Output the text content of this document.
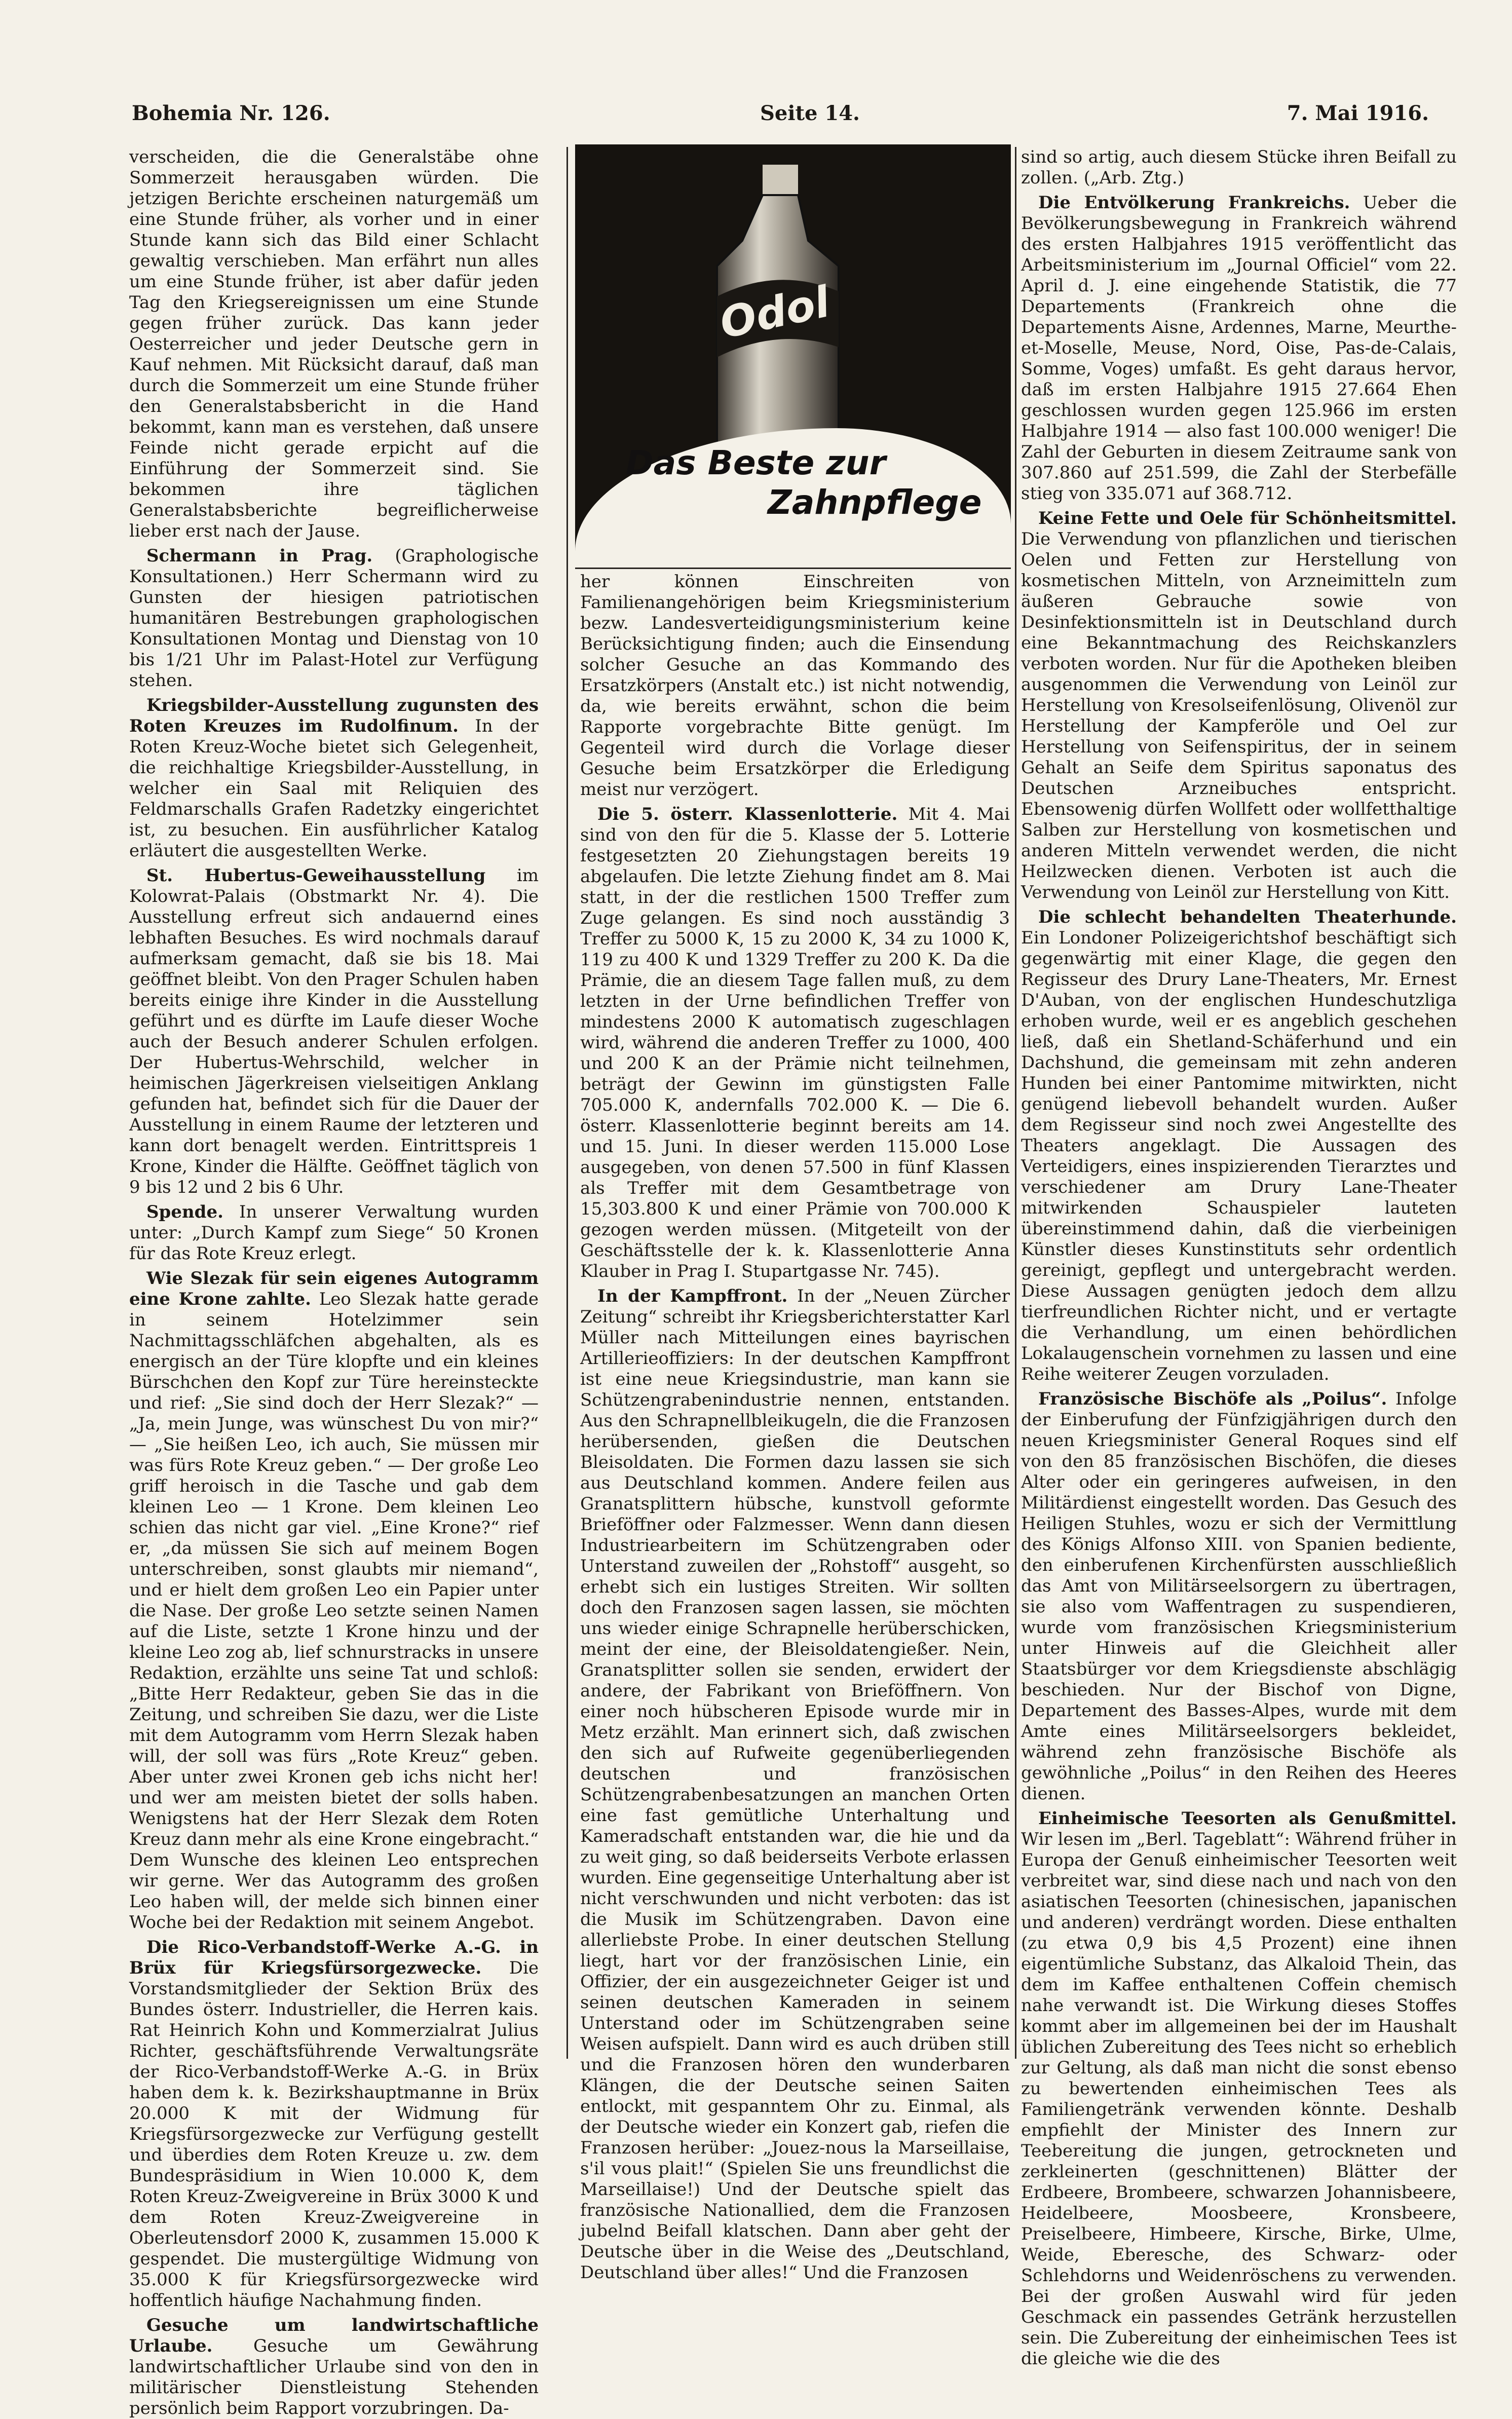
Bohemia Nr. 126.	Seite 14.	7. Mai 1916.

verscheiden, die die Generalstäbe ohne Sommerzeit herausgaben würden. Die jetzigen Berichte erscheinen naturgemäß um eine Stunde früher, als vorher und in einer Stunde kann sich das Bild einer Schlacht gewaltig verschieben. Man erfährt nun alles um eine Stunde früher, ist aber dafür jeden Tag den Kriegsereignissen um eine Stunde gegen früher zurück. Das kann jeder Oesterreicher und jeder Deutsche gern in Kauf nehmen. Mit Rücksicht darauf, daß man durch die Sommerzeit um eine Stunde früher den Generalstabsbericht in die Hand bekommt, kann man es verstehen, daß unsere Feinde nicht gerade erpicht auf die Einführung der Sommerzeit sind. Sie bekommen ihre täglichen Generalstabsberichte begreiflicherweise lieber erst nach der Jause.

Schermann in Prag. (Graphologische Konsultationen.) Herr Schermann wird zu Gunsten der hiesigen patriotischen humanitären Bestrebungen graphologischen Konsultationen Montag und Dienstag von 10 bis 1/21 Uhr im Palast-Hotel zur Verfügung stehen.

Kriegsbilder-Ausstellung zugunsten des Roten Kreuzes im Rudolfinum. In der Roten Kreuz-Woche bietet sich Gelegenheit, die reichhaltige Kriegsbilder-Ausstellung, in welcher ein Saal mit Reliquien des Feldmarschalls Grafen Radetzky eingerichtet ist, zu besuchen. Ein ausführlicher Katalog erläutert die ausgestellten Werke.

St. Hubertus-Geweihausstellung im Kolowrat-Palais (Obstmarkt Nr. 4). Die Ausstellung erfreut sich andauernd eines lebhaften Besuches. Es wird nochmals darauf aufmerksam gemacht, daß sie bis 18. Mai geöffnet bleibt. Von den Prager Schulen haben bereits einige ihre Kinder in die Ausstellung geführt und es dürfte im Laufe dieser Woche auch der Besuch anderer Schulen erfolgen. Der Hubertus-Wehrschild, welcher in heimischen Jägerkreisen vielseitigen Anklang gefunden hat, befindet sich für die Dauer der Ausstellung in einem Raume der letzteren und kann dort benagelt werden. Eintrittspreis 1 Krone, Kinder die Hälfte. Geöffnet täglich von 9 bis 12 und 2 bis 6 Uhr.

Spende. In unserer Verwaltung wurden unter: „Durch Kampf zum Siege“ 50 Kronen für das Rote Kreuz erlegt.

Wie Slezak für sein eigenes Autogramm eine Krone zahlte. Leo Slezak hatte gerade in seinem Hotelzimmer sein Nachmittagsschläfchen abgehalten, als es energisch an der Türe klopfte und ein kleines Bürschchen den Kopf zur Türe hereinsteckte und rief: „Sie sind doch der Herr Slezak?“ — „Ja, mein Junge, was wünschest Du von mir?“ — „Sie heißen Leo, ich auch, Sie müssen mir was fürs Rote Kreuz geben.“ — Der große Leo griff heroisch in die Tasche und gab dem kleinen Leo — 1 Krone. Dem kleinen Leo schien das nicht gar viel. „Eine Krone?“ rief er, „da müssen Sie sich auf meinem Bogen unterschreiben, sonst glaubts mir niemand“, und er hielt dem großen Leo ein Papier unter die Nase. Der große Leo setzte seinen Namen auf die Liste, setzte 1 Krone hinzu und der kleine Leo zog ab, lief schnurstracks in unsere Redaktion, erzählte uns seine Tat und schloß: „Bitte Herr Redakteur, geben Sie das in die Zeitung, und schreiben Sie dazu, wer die Liste mit dem Autogramm vom Herrn Slezak haben will, der soll was fürs „Rote Kreuz“ geben. Aber unter zwei Kronen geb ichs nicht her! und wer am meisten bietet der solls haben. Wenigstens hat der Herr Slezak dem Roten Kreuz dann mehr als eine Krone eingebracht.“ Dem Wunsche des kleinen Leo entsprechen wir gerne. Wer das Autogramm des großen Leo haben will, der melde sich binnen einer Woche bei der Redaktion mit seinem Angebot.

Die Rico-Verbandstoff-Werke A.-G. in Brüx für Kriegsfürsorgezwecke. Die Vorstandsmitglieder der Sektion Brüx des Bundes österr. Industrieller, die Herren kais. Rat Heinrich Kohn und Kommerzialrat Julius Richter, geschäftsführende Verwaltungsräte der Rico-Verbandstoff-Werke A.-G. in Brüx haben dem k. k. Bezirkshauptmanne in Brüx 20.000 K mit der Widmung für Kriegsfürsorgezwecke zur Verfügung gestellt und überdies dem Roten Kreuze u. zw. dem Bundespräsidium in Wien 10.000 K, dem Roten Kreuz-Zweigvereine in Brüx 3000 K und dem Roten Kreuz-Zweigvereine in Oberleutensdorf 2000 K, zusammen 15.000 K gespendet. Die mustergültige Widmung von 35.000 K für Kriegsfürsorgezwecke wird hoffentlich häufige Nachahmung finden.

Gesuche um landwirtschaftliche Urlaube. Gesuche um Gewährung landwirtschaftlicher Urlaube sind von den in militärischer Dienstleistung Stehenden persönlich beim Rapport vorzubringen. Da-

Odol
Das Beste zur
Zahnpflege

her können Einschreiten von Familienangehörigen beim Kriegsministerium bezw. Landesverteidigungsministerium keine Berücksichtigung finden; auch die Einsendung solcher Gesuche an das Kommando des Ersatzkörpers (Anstalt etc.) ist nicht notwendig, da, wie bereits erwähnt, schon die beim Rapporte vorgebrachte Bitte genügt. Im Gegenteil wird durch die Vorlage dieser Gesuche beim Ersatzkörper die Erledigung meist nur verzögert.

Die 5. österr. Klassenlotterie. Mit 4. Mai sind von den für die 5. Klasse der 5. Lotterie festgesetzten 20 Ziehungstagen bereits 19 abgelaufen. Die letzte Ziehung findet am 8. Mai statt, in der die restlichen 1500 Treffer zum Zuge gelangen. Es sind noch ausständig 3 Treffer zu 5000 K, 15 zu 2000 K, 34 zu 1000 K, 119 zu 400 K und 1329 Treffer zu 200 K. Da die Prämie, die an diesem Tage fallen muß, zu dem letzten in der Urne befindlichen Treffer von mindestens 2000 K automatisch zugeschlagen wird, während die anderen Treffer zu 1000, 400 und 200 K an der Prämie nicht teilnehmen, beträgt der Gewinn im günstigsten Falle 705.000 K, andernfalls 702.000 K. — Die 6. österr. Klassenlotterie beginnt bereits am 14. und 15. Juni. In dieser werden 115.000 Lose ausgegeben, von denen 57.500 in fünf Klassen als Treffer mit dem Gesamtbetrage von 15,303.800 K und einer Prämie von 700.000 K gezogen werden müssen. (Mitgeteilt von der Geschäftsstelle der k. k. Klassenlotterie Anna Klauber in Prag I. Stupartgasse Nr. 745).

In der Kampffront. In der „Neuen Zürcher Zeitung“ schreibt ihr Kriegsberichterstatter Karl Müller nach Mitteilungen eines bayrischen Artillerieoffiziers: In der deutschen Kampffront ist eine neue Kriegsindustrie, man kann sie Schützengrabenindustrie nennen, entstanden. Aus den Schrapnellbleikugeln, die die Franzosen herübersenden, gießen die Deutschen Bleisoldaten. Die Formen dazu lassen sie sich aus Deutschland kommen. Andere feilen aus Granatsplittern hübsche, kunstvoll geformte Brieföffner oder Falzmesser. Wenn dann diesen Industriearbeitern im Schützengraben oder Unterstand zuweilen der „Rohstoff“ ausgeht, so erhebt sich ein lustiges Streiten. Wir sollten doch den Franzosen sagen lassen, sie möchten uns wieder einige Schrapnelle herüberschicken, meint der eine, der Bleisoldatengießer. Nein, Granatsplitter sollen sie senden, erwidert der andere, der Fabrikant von Brieföffnern. Von einer noch hübscheren Episode wurde mir in Metz erzählt. Man erinnert sich, daß zwischen den sich auf Rufweite gegenüberliegenden deutschen und französischen Schützengrabenbesatzungen an manchen Orten eine fast gemütliche Unterhaltung und Kameradschaft entstanden war, die hie und da zu weit ging, so daß beiderseits Verbote erlassen wurden. Eine gegenseitige Unterhaltung aber ist nicht verschwunden und nicht verboten: das ist die Musik im Schützengraben. Davon eine allerliebste Probe. In einer deutschen Stellung liegt, hart vor der französischen Linie, ein Offizier, der ein ausgezeichneter Geiger ist und seinen deutschen Kameraden in seinem Unterstand oder im Schützengraben seine Weisen aufspielt. Dann wird es auch drüben still und die Franzosen hören den wunderbaren Klängen, die der Deutsche seinen Saiten entlockt, mit gespanntem Ohr zu. Einmal, als der Deutsche wieder ein Konzert gab, riefen die Franzosen herüber: „Jouez-nous la Marseillaise, s'il vous plait!“ (Spielen Sie uns freundlichst die Marseillaise!) Und der Deutsche spielt das französische Nationallied, dem die Franzosen jubelnd Beifall klatschen. Dann aber geht der Deutsche über in die Weise des „Deutschland, Deutschland über alles!“ Und die Franzosen

sind so artig, auch diesem Stücke ihren Beifall zu zollen. („Arb. Ztg.)

Die Entvölkerung Frankreichs. Ueber die Bevölkerungsbewegung in Frankreich während des ersten Halbjahres 1915 veröffentlicht das Arbeitsministerium im „Journal Officiel“ vom 22. April d. J. eine eingehende Statistik, die 77 Departements (Frankreich ohne die Departements Aisne, Ardennes, Marne, Meurthe-et-Moselle, Meuse, Nord, Oise, Pas-de-Calais, Somme, Voges) umfaßt. Es geht daraus hervor, daß im ersten Halbjahre 1915 27.664 Ehen geschlossen wurden gegen 125.966 im ersten Halbjahre 1914 — also fast 100.000 weniger! Die Zahl der Geburten in diesem Zeitraume sank von 307.860 auf 251.599, die Zahl der Sterbefälle stieg von 335.071 auf 368.712.

Keine Fette und Oele für Schönheitsmittel. Die Verwendung von pflanzlichen und tierischen Oelen und Fetten zur Herstellung von kosmetischen Mitteln, von Arzneimitteln zum äußeren Gebrauche sowie von Desinfektionsmitteln ist in Deutschland durch eine Bekanntmachung des Reichskanzlers verboten worden. Nur für die Apotheken bleiben ausgenommen die Verwendung von Leinöl zur Herstellung von Kresolseifenlösung, Olivenöl zur Herstellung der Kampferöle und Oel zur Herstellung von Seifenspiritus, der in seinem Gehalt an Seife dem Spiritus saponatus des Deutschen Arzneibuches entspricht. Ebensowenig dürfen Wollfett oder wollfetthaltige Salben zur Herstellung von kosmetischen und anderen Mitteln verwendet werden, die nicht Heilzwecken dienen. Verboten ist auch die Verwendung von Leinöl zur Herstellung von Kitt.

Die schlecht behandelten Theaterhunde. Ein Londoner Polizeigerichtshof beschäftigt sich gegenwärtig mit einer Klage, die gegen den Regisseur des Drury Lane-Theaters, Mr. Ernest D'Auban, von der englischen Hundeschutzliga erhoben wurde, weil er es angeblich geschehen ließ, daß ein Shetland-Schäferhund und ein Dachshund, die gemeinsam mit zehn anderen Hunden bei einer Pantomime mitwirkten, nicht genügend liebevoll behandelt wurden. Außer dem Regisseur sind noch zwei Angestellte des Theaters angeklagt. Die Aussagen des Verteidigers, eines inspizierenden Tierarztes und verschiedener am Drury Lane-Theater mitwirkenden Schauspieler lauteten übereinstimmend dahin, daß die vierbeinigen Künstler dieses Kunstinstituts sehr ordentlich gereinigt, gepflegt und untergebracht werden. Diese Aussagen genügten jedoch dem allzu tierfreundlichen Richter nicht, und er vertagte die Verhandlung, um einen behördlichen Lokalaugenschein vornehmen zu lassen und eine Reihe weiterer Zeugen vorzuladen.

Französische Bischöfe als „Poilus“. Infolge der Einberufung der Fünfzigjährigen durch den neuen Kriegsminister General Roques sind elf von den 85 französischen Bischöfen, die dieses Alter oder ein geringeres aufweisen, in den Militärdienst eingestellt worden. Das Gesuch des Heiligen Stuhles, wozu er sich der Vermittlung des Königs Alfonso XIII. von Spanien bediente, den einberufenen Kirchenfürsten ausschließlich das Amt von Militärseelsorgern zu übertragen, sie also vom Waffentragen zu suspendieren, wurde vom französischen Kriegsministerium unter Hinweis auf die Gleichheit aller Staatsbürger vor dem Kriegsdienste abschlägig beschieden. Nur der Bischof von Digne, Departement des Basses-Alpes, wurde mit dem Amte eines Militärseelsorgers bekleidet, während zehn französische Bischöfe als gewöhnliche „Poilus“ in den Reihen des Heeres dienen.

Einheimische Teesorten als Genußmittel. Wir lesen im „Berl. Tageblatt“: Während früher in Europa der Genuß einheimischer Teesorten weit verbreitet war, sind diese nach und nach von den asiatischen Teesorten (chinesischen, japanischen und anderen) verdrängt worden. Diese enthalten (zu etwa 0,9 bis 4,5 Prozent) eine ihnen eigentümliche Substanz, das Alkaloid Thein, das dem im Kaffee enthaltenen Coffein chemisch nahe verwandt ist. Die Wirkung dieses Stoffes kommt aber im allgemeinen bei der im Haushalt üblichen Zubereitung des Tees nicht so erheblich zur Geltung, als daß man nicht die sonst ebenso zu bewertenden einheimischen Tees als Familiengetränk verwenden könnte. Deshalb empfiehlt der Minister des Innern zur Teebereitung die jungen, getrockneten und zerkleinerten (geschnittenen) Blätter der Erdbeere, Brombeere, schwarzen Johannisbeere, Heidelbeere, Moosbeere, Kronsbeere, Preiselbeere, Himbeere, Kirsche, Birke, Ulme, Weide, Eberesche, des Schwarz- oder Schlehdorns und Weidenröschens zu verwenden. Bei der großen Auswahl wird für jeden Geschmack ein passendes Getränk herzustellen sein. Die Zubereitung der einheimischen Tees ist die gleiche wie die des
